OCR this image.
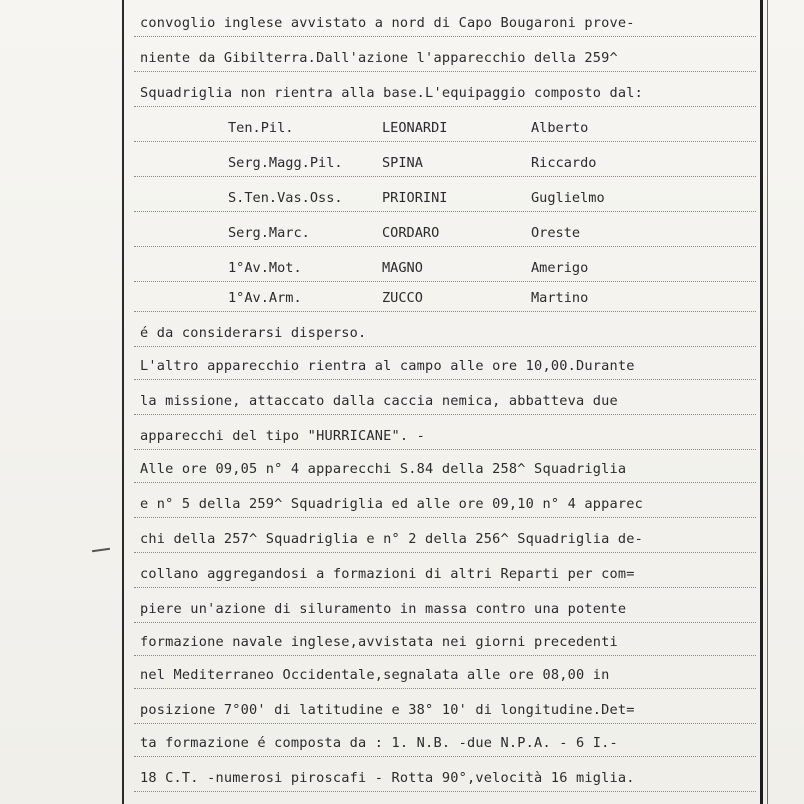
convoglio inglese avvistato a nord di Capo Bougaroni prove-
niente da Gibilterra.Dall'azione l'apparecchio della 259^
Squadriglia non rientra alla base.L'equipaggio composto dal:
Ten.Pil.	LEONARDI	Alberto
Serg.Magg.Pil.	SPINA	Riccardo
S.Ten.Vas.Oss.	PRIORINI	Guglielmo
Serg.Marc.	CORDARO	Oreste
1°Av.Mot.	MAGNO	Amerigo
1°Av.Arm.	ZUCCO	Martino
é da considerarsi disperso.
L'altro apparecchio rientra al campo alle ore 10,00.Durante
la missione, attaccato dalla caccia nemica, abbatteva due
apparecchi del tipo "HURRICANE". -
Alle ore 09,05 n° 4 apparecchi S.84 della 258^ Squadriglia
e n° 5 della 259^ Squadriglia ed alle ore 09,10 n° 4 apparec
chi della 257^ Squadriglia e n° 2 della 256^ Squadriglia de-
collano aggregandosi a formazioni di altri Reparti per com=
piere un'azione di siluramento in massa contro una potente
formazione navale inglese,avvistata nei giorni precedenti
nel Mediterraneo Occidentale,segnalata alle ore 08,00 in
posizione 7°00' di latitudine e 38° 10' di longitudine.Det=
ta formazione é composta da : 1. N.B. -due N.P.A. - 6 I.-
18 C.T. -numerosi piroscafi - Rotta 90°,velocità 16 miglia.
